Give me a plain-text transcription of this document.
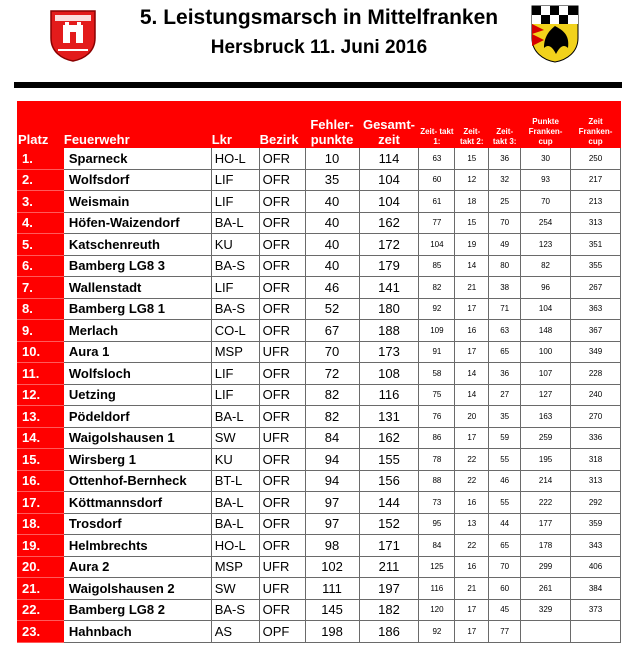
5. Leistungsmarsch in Mittelfranken
Hersbruck 11. Juni 2016
Platz	Feuerwehr	Lkr	Bezirk	Fehler- punkte	Gesamt- zeit	Zeit- takt 1:	Zeit- takt 2:	Zeit- takt 3:	Punkte Franken- cup	Zeit Franken- cup
1.	Sparneck	HO-L	OFR	10	114	63	15	36	30	250
2.	Wolfsdorf	LIF	OFR	35	104	60	12	32	93	217
3.	Weismain	LIF	OFR	40	104	61	18	25	70	213
4.	Höfen-Waizendorf	BA-L	OFR	40	162	77	15	70	254	313
5.	Katschenreuth	KU	OFR	40	172	104	19	49	123	351
6.	Bamberg LG8 3	BA-S	OFR	40	179	85	14	80	82	355
7.	Wallenstadt	LIF	OFR	46	141	82	21	38	96	267
8.	Bamberg LG8 1	BA-S	OFR	52	180	92	17	71	104	363
9.	Merlach	CO-L	OFR	67	188	109	16	63	148	367
10.	Aura 1	MSP	UFR	70	173	91	17	65	100	349
11.	Wolfsloch	LIF	OFR	72	108	58	14	36	107	228
12.	Uetzing	LIF	OFR	82	116	75	14	27	127	240
13.	Pödeldorf	BA-L	OFR	82	131	76	20	35	163	270
14.	Waigolshausen 1	SW	UFR	84	162	86	17	59	259	336
15.	Wirsberg 1	KU	OFR	94	155	78	22	55	195	318
16.	Ottenhof-Bernheck	BT-L	OFR	94	156	88	22	46	214	313
17.	Köttmannsdorf	BA-L	OFR	97	144	73	16	55	222	292
18.	Trosdorf	BA-L	OFR	97	152	95	13	44	177	359
19.	Helmbrechts	HO-L	OFR	98	171	84	22	65	178	343
20.	Aura 2	MSP	UFR	102	211	125	16	70	299	406
21.	Waigolshausen 2	SW	UFR	111	197	116	21	60	261	384
22.	Bamberg LG8 2	BA-S	OFR	145	182	120	17	45	329	373
23.	Hahnbach	AS	OPF	198	186	92	17	77		
